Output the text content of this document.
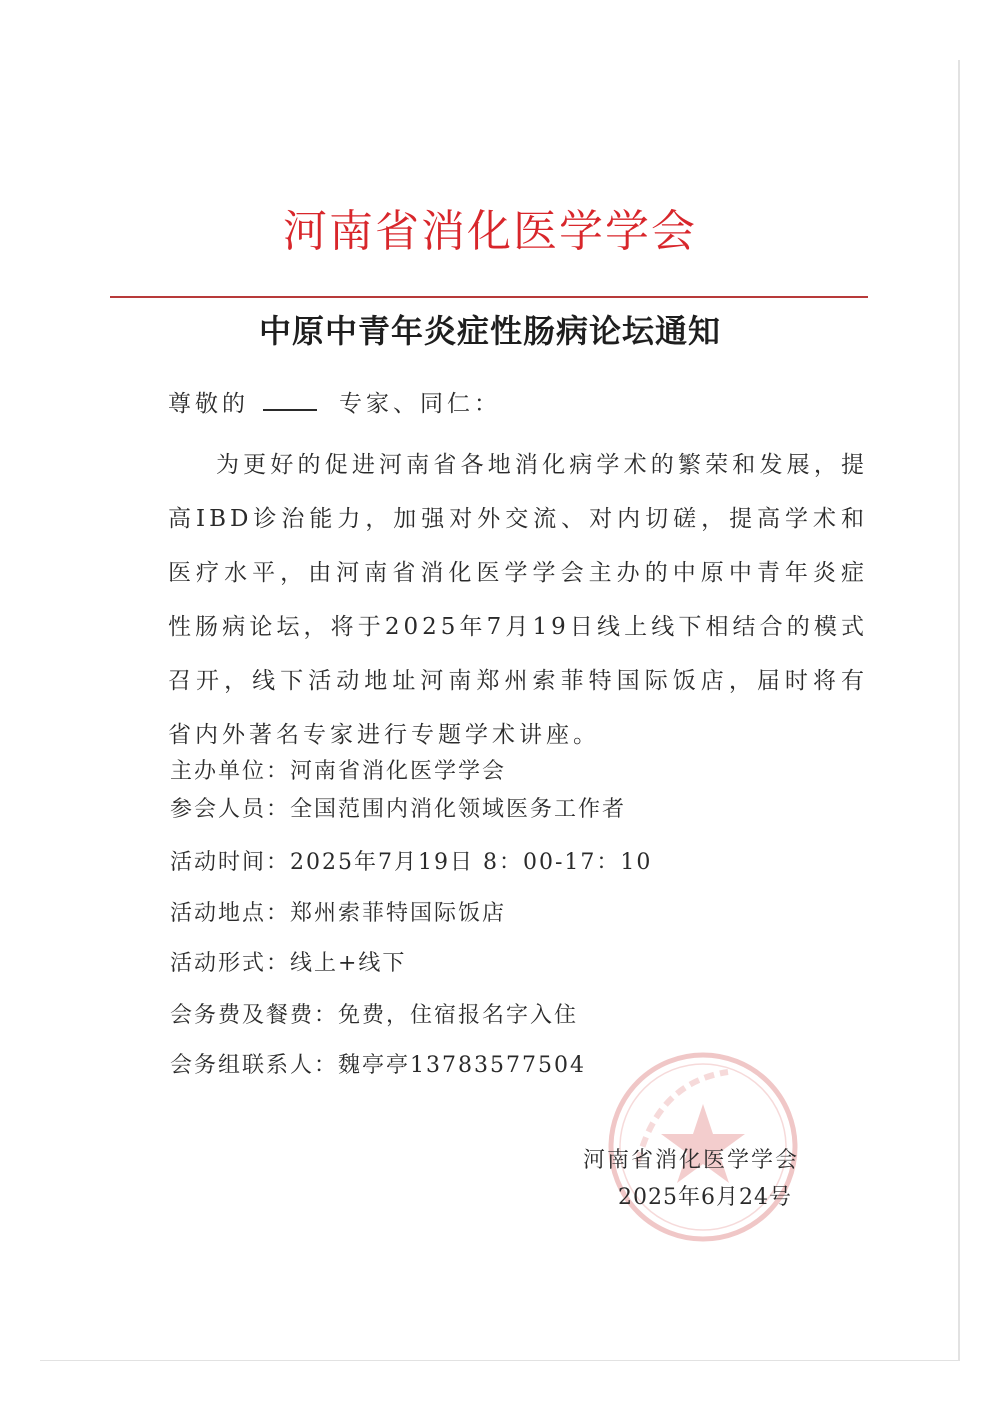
河南省消化医学学会
中原中青年炎症性肠病论坛通知
尊敬的	专家、同仁：

为更好的促进河南省各地消化病学术的繁荣和发展，提高IBD诊治能力，加强对外交流、对内切磋，提高学术和医疗水平，由河南省消化医学学会主办的中原中青年炎症性肠病论坛，将于2025年7月19日线上线下相结合的模式召开，线下活动地址河南郑州索菲特国际饭店，届时将有省内外著名专家进行专题学术讲座。

主办单位：河南省消化医学学会
参会人员：全国范围内消化领域医务工作者
活动时间：2025年7月19日 8：00-17：10
活动地点：郑州索菲特国际饭店
活动形式：线上+线下
会务费及餐费：免费，住宿报名字入住
会务组联系人：魏亭亭13783577504
河南省消化医学学会
2025年6月24号
